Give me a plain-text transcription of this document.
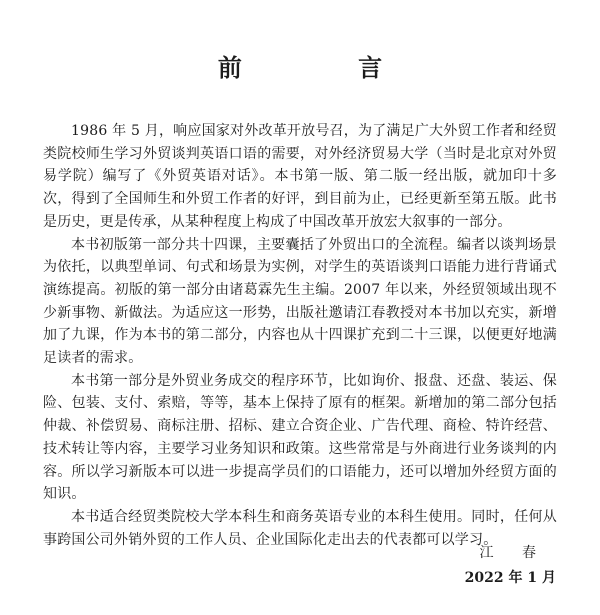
前 言

1986 年 5 月，响应国家对外改革开放号召，为了满足广大外贸工作者和经贸类院校师生学习外贸谈判英语口语的需要，对外经济贸易大学（当时是北京对外贸易学院）编写了《外贸英语对话》。本书第一版、第二版一经出版，就加印十多次，得到了全国师生和外贸工作者的好评，到目前为止，已经更新至第五版。此书是历史，更是传承，从某种程度上构成了中国改革开放宏大叙事的一部分。

本书初版第一部分共十四课，主要囊括了外贸出口的全流程。编者以谈判场景为依托，以典型单词、句式和场景为实例，对学生的英语谈判口语能力进行背诵式演练提高。初版的第一部分由诸葛霖先生主编。2007 年以来，外经贸领域出现不少新事物、新做法。为适应这一形势，出版社邀请江春教授对本书加以充实，新增加了九课，作为本书的第二部分，内容也从十四课扩充到二十三课，以便更好地满足读者的需求。

本书第一部分是外贸业务成交的程序环节，比如询价、报盘、还盘、装运、保险、包装、支付、索赔，等等，基本上保持了原有的框架。新增加的第二部分包括仲裁、补偿贸易、商标注册、招标、建立合资企业、广告代理、商检、特许经营、技术转让等内容，主要学习业务知识和政策。这些常常是与外商进行业务谈判的内容。所以学习新版本可以进一步提高学员们的口语能力，还可以增加外经贸方面的知识。

本书适合经贸类院校大学本科生和商务英语专业的本科生使用。同时，任何从事跨国公司外销外贸的工作人员、企业国际化走出去的代表都可以学习。

江 春
2022 年 1 月
